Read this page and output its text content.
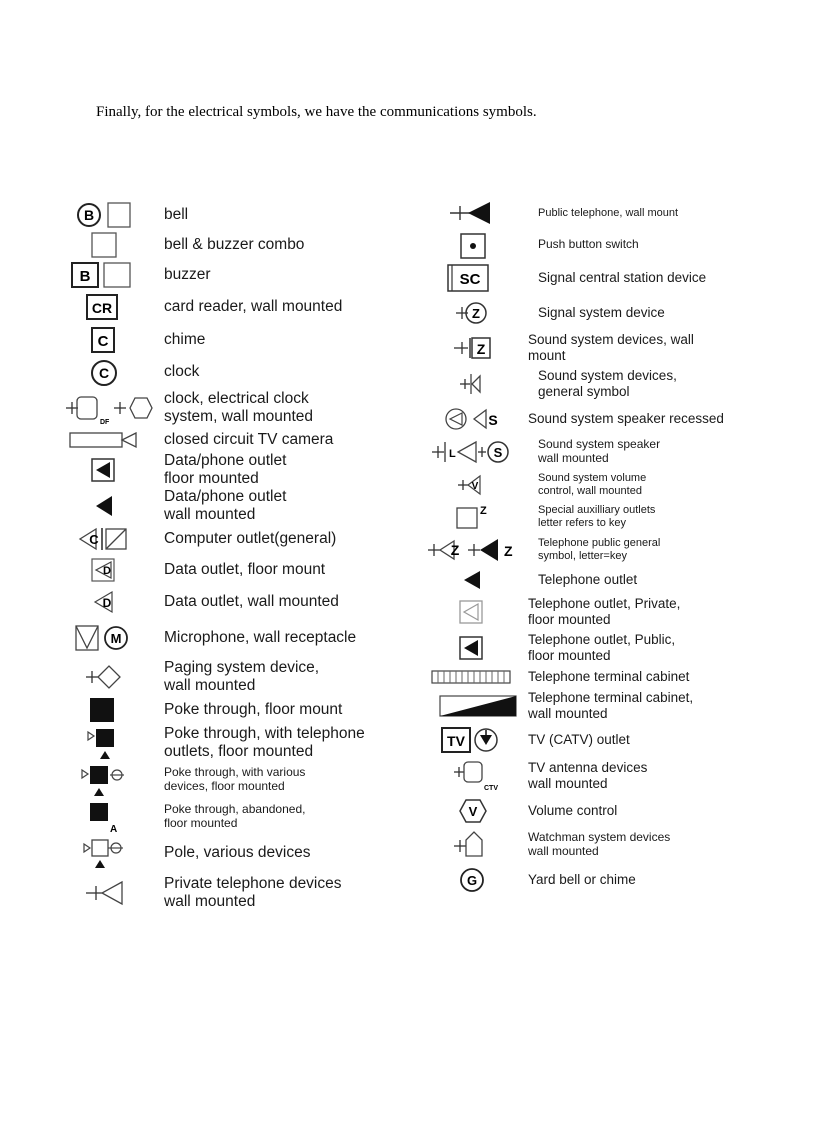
Finally, for the electrical symbols, we have the communications symbols.

B	bell
bell & buzzer combo
B	buzzer
CR	card reader, wall mounted
C	chime
C	clock
DF
clock, electrical clock
system, wall mounted
closed circuit TV camera
Data/phone outlet
floor mounted
Data/phone outlet
wall mounted
C	Computer outlet(general)
D	Data outlet, floor mount
D	Data outlet, wall mounted
M	Microphone, wall receptacle
Paging system device,
wall mounted
Poke through, floor mount
Poke through, with telephone
outlets, floor mounted
Poke through, with various
devices, floor mounted
A
Poke through, abandoned,
floor mounted
Pole, various devices
Private telephone devices
wall mounted
Public telephone, wall mount
Push button switch
SC	Signal central station device
Z	Signal system device
Z
Sound system devices, wall mount
Sound system devices,
general symbol
S Sound system speaker recessed
L	S
Sound system speaker
wall mounted
V
Sound system volume
control, wall mounted
Z	Special auxilliary outlets
letter refers to key
Z	Z Telephone public general
symbol, letter=key
Telephone outlet
Telephone outlet, Private,
floor mounted
Telephone outlet, Public,
floor mounted
Telephone terminal cabinet
Telephone terminal cabinet,
wall mounted
TV	TV (CATV) outlet
CTV
TV antenna devices
wall mounted
V	Volume control
Watchman system devices
wall mounted
G	Yard bell or chime
